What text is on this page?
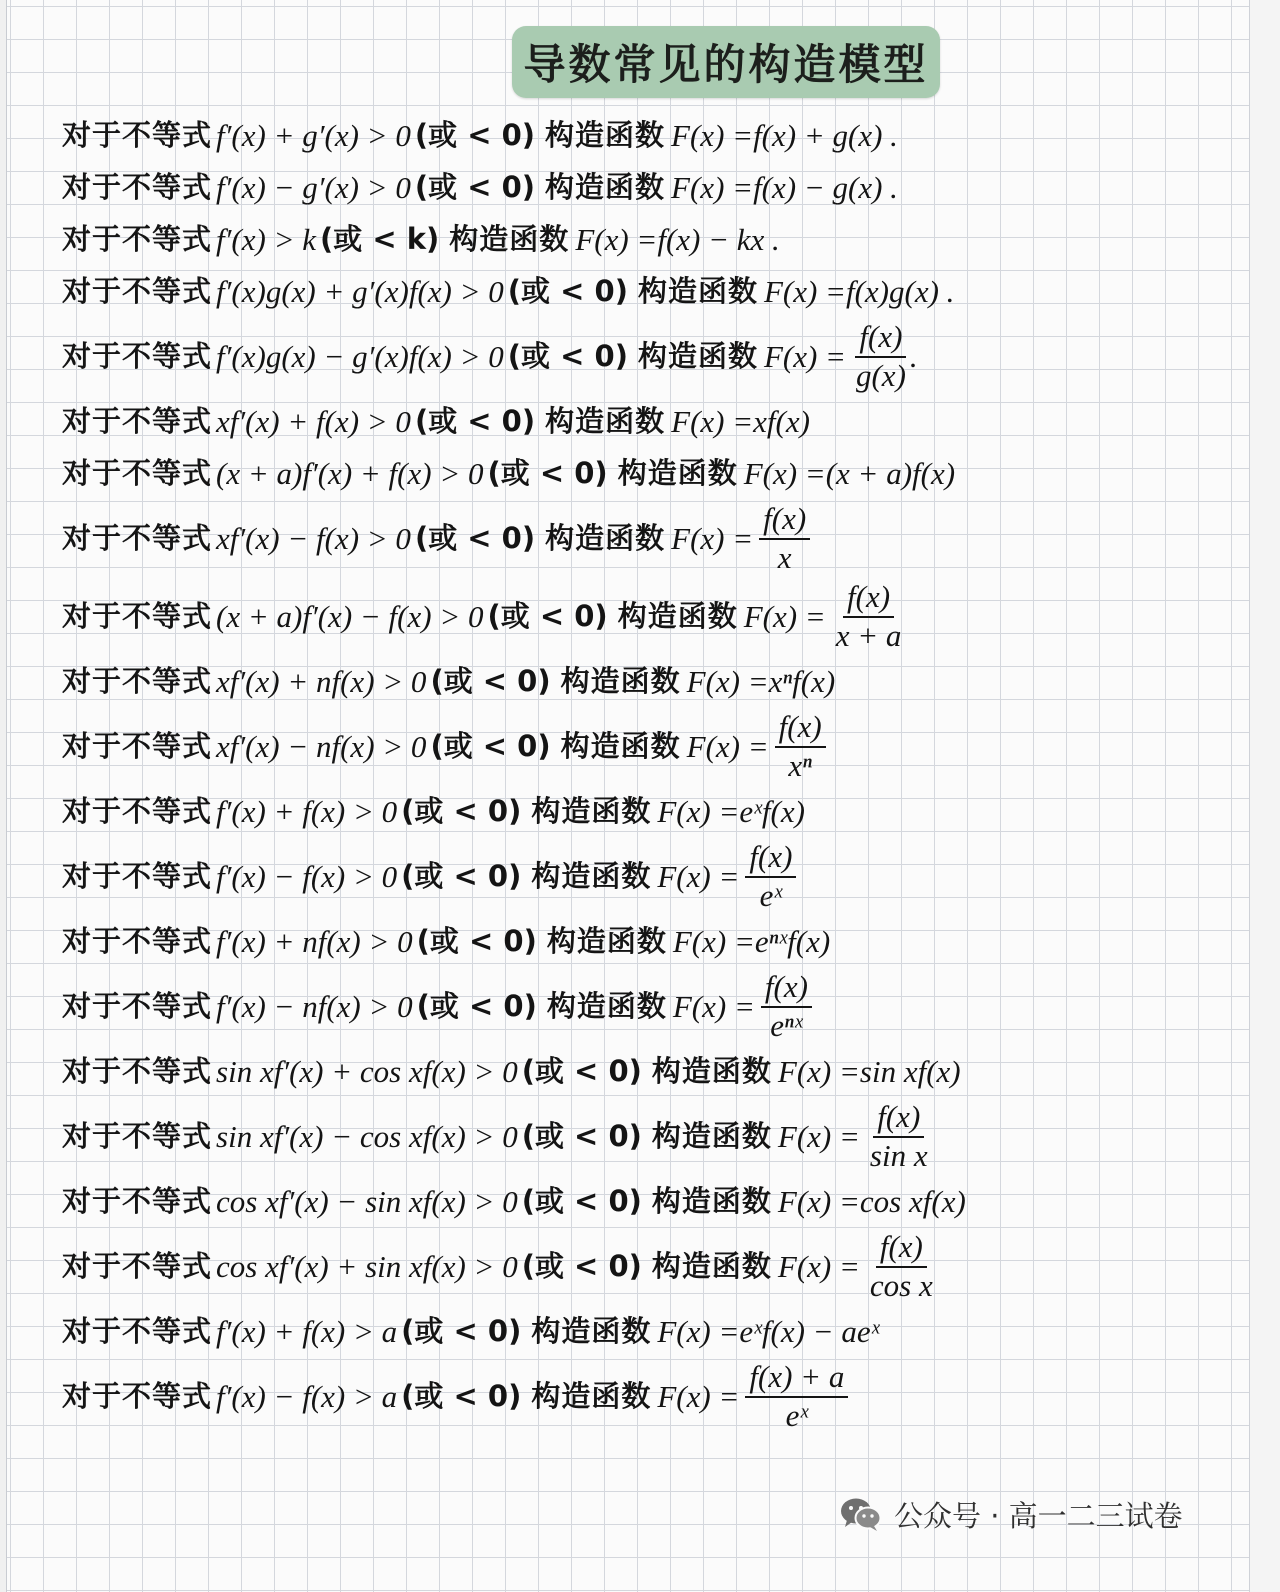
导数常见的构造模型
对于不等式 f′(x) + g′(x) > 0 (或 < 0) 构造函数 F(x) = f(x) + g(x) .
对于不等式 f′(x) − g′(x) > 0 (或 < 0) 构造函数 F(x) = f(x) − g(x) .
对于不等式 f′(x) > k (或 < k) 构造函数 F(x) = f(x) − kx .
对于不等式 f′(x)g(x) + g′(x)f(x) > 0 (或 < 0) 构造函数 F(x) = f(x)g(x) .
对于不等式 f′(x)g(x) − g′(x)f(x) > 0 (或 < 0) 构造函数 $F(x) = \frac{f(x)}{g(x)}$ .
对于不等式 xf′(x) + f(x) > 0 (或 < 0) 构造函数 F(x) = xf(x)
对于不等式 (x + a)f′(x) + f(x) > 0 (或 < 0) 构造函数 F(x) = (x + a)f(x)
对于不等式 xf′(x) − f(x) > 0 (或 < 0) 构造函数 $F(x) = \frac{f(x)}{x}$
对于不等式 (x + a)f′(x) − f(x) > 0 (或 < 0) 构造函数 $F(x) = \frac{f(x)}{x + a}$
对于不等式 xf′(x) + nf(x) > 0 (或 < 0) 构造函数 F(x) = xⁿf(x)
对于不等式 xf′(x) − nf(x) > 0 (或 < 0) 构造函数 $F(x) = \frac{f(x)}{\text{xⁿ}}$
对于不等式 f′(x) + f(x) > 0 (或 < 0) 构造函数 F(x) = eˣf(x)
对于不等式 f′(x) − f(x) > 0 (或 < 0) 构造函数 $F(x) = \frac{f(x)}{\text{eˣ}}$
对于不等式 f′(x) + nf(x) > 0 (或 < 0) 构造函数 F(x) = eⁿˣf(x)
对于不等式 f′(x) − nf(x) > 0 (或 < 0) 构造函数 $F(x) = \frac{f(x)}{\text{eⁿˣ}}$
对于不等式 sin xf′(x) + cos xf(x) > 0 (或 < 0) 构造函数 F(x) = sin xf(x)
对于不等式 sin xf′(x) − cos xf(x) > 0 (或 < 0) 构造函数 $F(x) = \frac{f(x)}{\text{sin x}}$
对于不等式 cos xf′(x) − sin xf(x) > 0 (或 < 0) 构造函数 F(x) = cos xf(x)
对于不等式 cos xf′(x) + sin xf(x) > 0 (或 < 0) 构造函数 $F(x) = \frac{f(x)}{\text{cos x}}$
对于不等式 f′(x) + f(x) > a (或 < 0) 构造函数 F(x) = eˣf(x) − aeˣ
对于不等式 f′(x) − f(x) > a (或 < 0) 构造函数 $F(x) = \frac{f(x) + a}{\text{eˣ}}$
公众号 · 高一二三试卷
